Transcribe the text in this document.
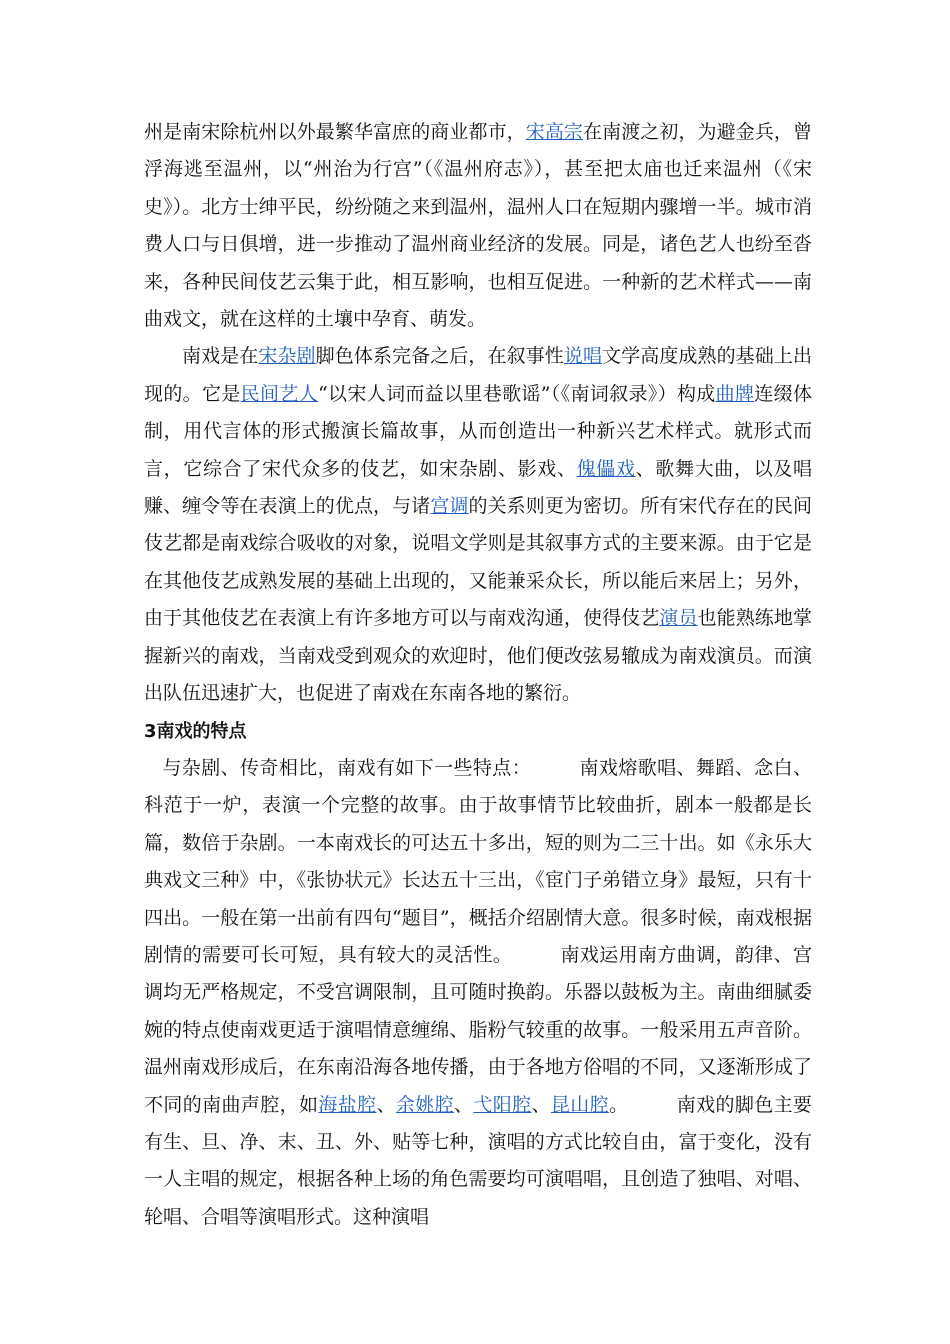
州是南宋除杭州以外最繁华富庶的商业都市，宋高宗在南渡之初，为避金兵，曾浮海逃至温州，以“州治为行宫”（《温州府志》），甚至把太庙也迁来温州（《宋史》）。北方士绅平民，纷纷随之来到温州，温州人口在短期内骤增一半。城市消费人口与日俱增，进一步推动了温州商业经济的发展。同是，诸色艺人也纷至沓来，各种民间伎艺云集于此，相互影响，也相互促进。一种新的艺术样式——南曲戏文，就在这样的土壤中孕育、萌发。

南戏是在宋杂剧脚色体系完备之后，在叙事性说唱文学高度成熟的基础上出现的。它是民间艺人“以宋人词而益以里巷歌谣”（《南词叙录》）构成曲牌连缀体制，用代言体的形式搬演长篇故事，从而创造出一种新兴艺术样式。就形式而言，它综合了宋代众多的伎艺，如宋杂剧、影戏、傀儡戏、歌舞大曲，以及唱赚、缠令等在表演上的优点，与诸宫调的关系则更为密切。所有宋代存在的民间伎艺都是南戏综合吸收的对象，说唱文学则是其叙事方式的主要来源。由于它是在其他伎艺成熟发展的基础上出现的，又能兼采众长，所以能后来居上；另外，由于其他伎艺在表演上有许多地方可以与南戏沟通，使得伎艺演员也能熟练地掌握新兴的南戏，当南戏受到观众的欢迎时，他们便改弦易辙成为南戏演员。而演出队伍迅速扩大，也促进了南戏在东南各地的繁衍。

3南戏的特点

与杂剧、传奇相比，南戏有如下一些特点：	南戏熔歌唱、舞蹈、念白、科范于一炉，表演一个完整的故事。由于故事情节比较曲折，剧本一般都是长篇，数倍于杂剧。一本南戏长的可达五十多出，短的则为二三十出。如《永乐大典戏文三种》中，《张协状元》长达五十三出，《宦门子弟错立身》最短，只有十四出。一般在第一出前有四句“题目”，概括介绍剧情大意。很多时候，南戏根据剧情的需要可长可短，具有较大的灵活性。	南戏运用南方曲调，韵律、宫调均无严格规定，不受宫调限制，且可随时换韵。乐器以鼓板为主。南曲细腻委婉的特点使南戏更适于演唱情意缠绵、脂粉气较重的故事。一般采用五声音阶。温州南戏形成后，在东南沿海各地传播，由于各地方俗唱的不同，又逐渐形成了不同的南曲声腔，如海盐腔、余姚腔、弋阳腔、昆山腔。	南戏的脚色主要有生、旦、净、末、丑、外、贴等七种，演唱的方式比较自由，富于变化，没有一人主唱的规定，根据各种上场的角色需要均可演唱唱，且创造了独唱、对唱、轮唱、合唱等演唱形式。这种演唱
